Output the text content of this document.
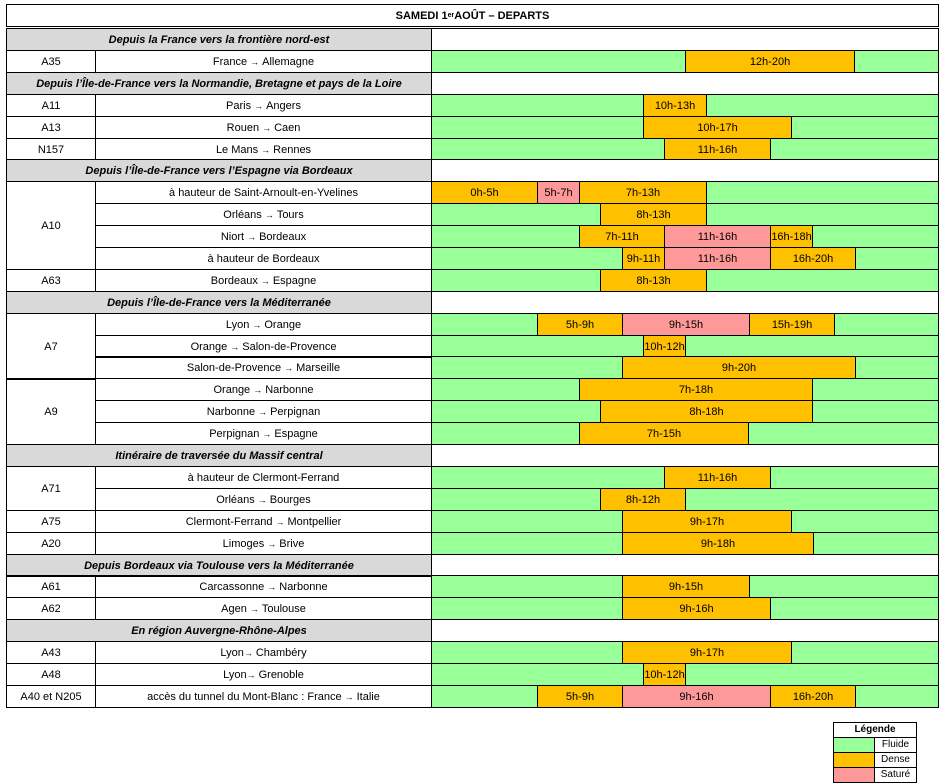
SAMEDI 1 er AOÛT – DEPARTS
Depuis la France vers la frontière nord-est
A35	France → Allemagne	12h-20h
Depuis l’Île-de-France vers la Normandie, Bretagne et pays de la Loire
A11	Paris → Angers	10h-13h
A13	Rouen → Caen	10h-17h
N157	Le Mans → Rennes	11h-16h
Depuis l’Île-de-France vers l’Espagne via Bordeaux
A10
à hauteur de Saint-Arnoult-en-Yvelines	0h-5h	5h-7h	7h-13h
Orléans → Tours	8h-13h
Niort → Bordeaux	7h-11h	11h-16h	16h-18h
à hauteur de Bordeaux	9h-11h	11h-16h	16h-20h
A63	Bordeaux → Espagne	8h-13h
Depuis l’Île-de-France vers la Méditerranée
A7
Lyon → Orange	5h-9h	9h-15h	15h-19h
Orange → Salon-de-Provence	10h-12h
Salon-de-Provence → Marseille	9h-20h
A9
Orange → Narbonne	7h-18h
Narbonne → Perpignan	8h-18h
Perpignan → Espagne	7h-15h
Itinéraire de traversée du Massif central
A71
à hauteur de Clermont-Ferrand	11h-16h
Orléans → Bourges	8h-12h
A75	Clermont-Ferrand → Montpellier	9h-17h
A20	Limoges → Brive	9h-18h
Depuis Bordeaux via Toulouse vers la Méditerranée
A61	Carcassonne → Narbonne	9h-15h
A62	Agen → Toulouse	9h-16h
En région Auvergne-Rhône-Alpes
A43	Lyon → Chambéry	9h-17h
A48	Lyon → Grenoble	10h-12h
A40 et N205	accès du tunnel du Mont-Blanc : France → Italie	5h-9h	9h-16h	16h-20h
Légende
Fluide
Dense
Saturé
